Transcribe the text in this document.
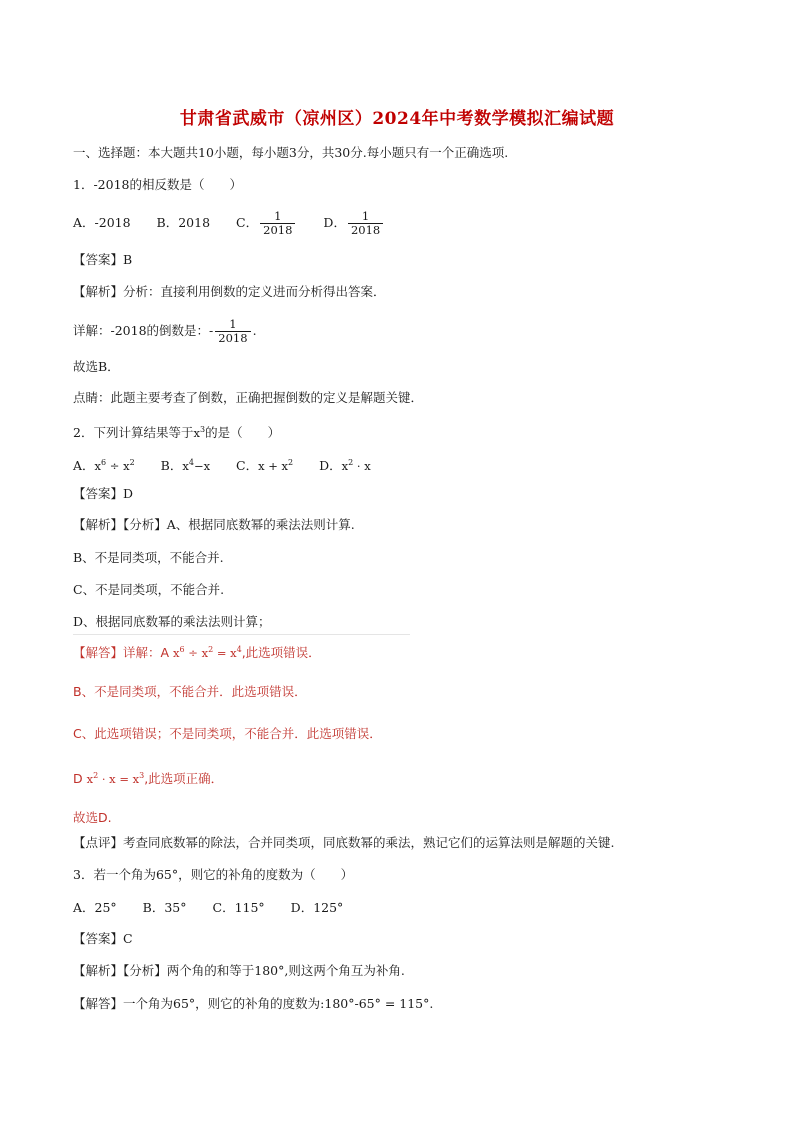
甘肃省武威市（凉州区）2024年中考数学模拟汇编试题
一、选择题：本大题共10小题，每小题3分，共30分.每小题只有一个正确选项.
1．-2018的相反数是（　　）
A．-2018 B．2018 C． $\frac{1}{2018}$ D． $\frac{1}{2018}$
【答案】B
【解析】分析：直接利用倒数的定义进而分析得出答案．
详解：-2018的倒数是：- $\frac{1}{2018}$ .
故选B．
点睛：此题主要考查了倒数，正确把握倒数的定义是解题关键．
2．下列计算结果等于$x^3$的是（　　）
A．$x^6 \div x^2$ B．$x^4-x$ C．$x + x^2$ D．$x^2 \cdot x$
【答案】D
【解析】【分析】A、根据同底数幂的乘法法则计算.
B、不是同类项，不能合并.
C、不是同类项，不能合并.
D、根据同底数幂的乘法法则计算；
【解答】详解：A $x^6 \div x^2 = x^4$,此选项错误．
B、不是同类项，不能合并．此选项错误．
C、此选项错误；不是同类项，不能合并．此选项错误．
D $x^2 \cdot x = x^3$,此选项正确．
故选D.
【点评】考查同底数幂的除法，合并同类项，同底数幂的乘法，熟记它们的运算法则是解题的关键.
3．若一个角为65°，则它的补角的度数为（　　）
A．25° B．35° C．115° D．125°
【答案】C
【解析】【分析】两个角的和等于180°,则这两个角互为补角.
【解答】一个角为65°，则它的补角的度数为:180°-65° = 115°.
